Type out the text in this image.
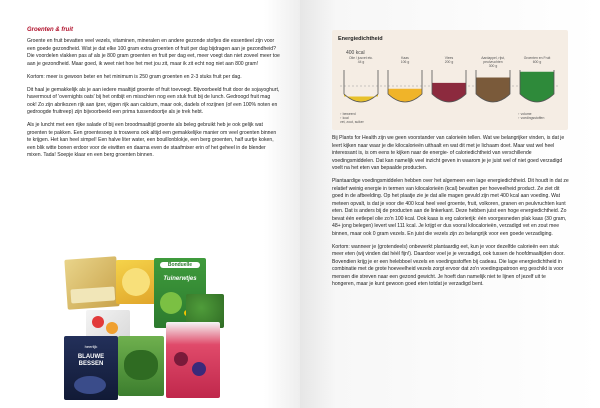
Groenten & fruit

Groente en fruit bevatten veel vezels, vitaminen, mineralen en andere gezonde stofjes die essentieel zijn voor een goede gezondheid. Wist je dat elke 100 gram extra groenten of fruit per dag bijdragen aan je gezondheid? Die voordelen vlakken pas af als je 800 gram groenten en fruit per dag eet, meer voegt dan niet zoveel meer toe aan je gezondheid. Maar goed, ik weet niet hoe het met jou zit, maar ik zit echt nog niet aan 800 gram!

Kortom: meer is gewoon beter en het minimum is 250 gram groenten en 2-3 stuks fruit per dag.

Dit haal je gemakkelijk als je aan iedere maaltijd groente of fruit toevoegt. Bijvoorbeeld fruit door de sojayoghurt, havermout of 'overnights oats' bij het ontbijt en misschien nog een stuk fruit bij de lunch. Gedroogd fruit mag ook! Zo zijn abrikozen rijk aan ijzer, vijgen rijk aan calcium, maar ook, dadels of rozijnen (of een 100% noten en gedroogde fruitreep) zijn bijvoorbeeld een prima tussendoortje als je trek hebt.

Als je luncht met een rijke salade of bij een broodmaaltijd groente als beleg gebruikt heb je ook gelijk wat groenten te pakken. Een groentesoep is trouwens ook altijd een gemakkelijke manier om veel groenten binnen te krijgen. Het kan heel simpel! Een halve liter water, een bouillonblokje, een berg groenten, half uurtje koken, een blik witte bonen erdoor voor de eiwitten en daarna even de staafmixer erin of het geheel in de blender mixen. Tada! Soepje klaar en een berg groenten binnen.

Bonduelle
Tuinerwtjes
heerlijk
BLAUWE BESSEN
Energiedichtheid
400 kcal
Olie / jusvet etc.
44 g
Kaas
106 g
Vlees
200 g
Aardappel, rijst, peulvruchten
300 g
Groenten en Fruit
600 g
↑ beweerd
↑ kcal
vet, zout, suiker
↑ volume
↑ voedingsstoffen

Bij Plants for Health zijn we geen voorstander van calorieën tellen. Wat we belangrijker vinden, is dat je leert kijken naar waar je die kilocalorieën uithaalt en wat dit met je lichaam doet. Maar wat wel heel interessant is, is om eens te kijken naar de energie- of caloriedichtheid van verschillende voedingsmiddelen. Dat kan namelijk veel inzicht geven in waarom je je juist wel of niet goed verzadigd voelt na het eten van bepaalde producten.

Plantaardige voedingsmiddelen hebben over het algemeen een lage energiedichtheid. Dit houdt in dat ze relatief weinig energie in termen van kilocalorieën (kcal) bevatten per hoeveelheid product. Ze ziet dit goed in de afbeelding. Op het plaatje zie je dat alle magen gevuld zijn met 400 kcal aan voeding. Wat meteen opvalt, is dat je voor die 400 kcal heel veel groente, fruit, volkoren, granen en peulvruchten kunt eten. Dat is anders bij de producten aan de linkerkant. Deze hebben juist een hoge energiedichtheid. Zo bevat één eetlepel olie zo'n 100 kcal. Ook kaas is erg calorierijk: één voorgesneden plak kaas (30 gram, 48+ jong belegen) levert wel 111 kcal. Je krijgt er dus vooral kilocalorieën, verzadigd vet en zout mee binnen, maar ook 0 gram vezels. En juist die vezels zijn zo belangrijk voor een goede verzadiging.

Kortom: wanneer je (grotendeels) onbewerkt plantaardig eet, kun je voor dezelfde calorieën een stuk meer eten (wij vinden dat héél fijn!). Daardoor voel je je verzadigd, ook tussen de hoofdmaaltijden door. Bovendien krijg je er een helebboel vezels en voedingsstoffen bij cadeau. Die lage energiedichtheid in combinatie met de grote hoeveelheid vezels zorgt ervoor dat zo'n voedingspatroon erg geschikt is voor mensen die streven naar een gezond gewicht. Je hoeft dan namelijk niet te lijnen of jezelf uit te hongeren, maar je kunt gewoon goed eten totdat je verzadigd bent.
